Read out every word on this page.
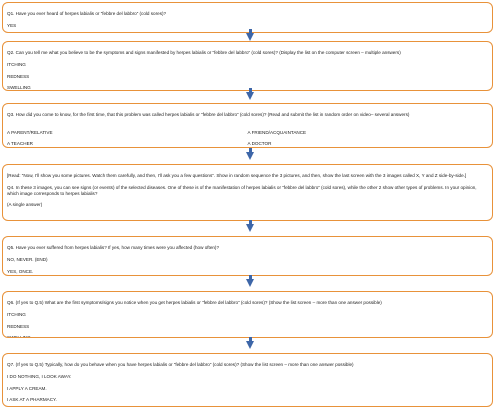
Q1. Have you ever heard of herpes labialis or “febbre del labbro” (cold sores)?

YES

Q2. Can you tell me what you believe to be the symptoms and signs manifested by herpes labialis or “febbre del labbro” (cold sores)? (Display the list on the computer screen – multiple answers)

ITCHING

REDNESS

SWELLING

Q3. How did you come to know, for the first time, that this problem was called herpes labialis or “febbre del labbro” (cold sores)? (Read and submit the list in random order on video– several answers)

A PARENT/RELATIVE

A TEACHER

A FRIEND/ACQUAINTANCE

A DOCTOR

[Read: “Now, I’ll show you some pictures. Watch them carefully, and then, I’ll ask you a few questions”. Show in random sequence the 3 pictures, and then, show the last screen with the 3 images called X, Y and Z side-by-side.]

Q4. In these 3 images, you can see signs (or events) of the selected diseases. One of these is of the manifestation of herpes labialis or “febbre del labbro” (cold sores), while the other 2 show other types of problems. In your opinion, which image corresponds to herpes labialis?

(A single answer)

Q5. Have you ever suffered from herpes labialis? If yes, how many times were you affected (how often)?

NO, NEVER. (END)

YES, ONCE.

Q6. (If yes to Q.5) What are the first symptoms/signs you notice when you get herpes labialis or “febbre del labbro” (cold sores)? (Show the list screen – more than one answer possible)

ITCHING

REDNESS

SWELLING

Q7. (If yes to Q.5) Typically, how do you behave when you have herpes labialis or “febbre del labbro” (cold sores)? (Show the list screen – more than one answer possible)

I DO NOTHING, I LOOK AWAY.

I APPLY A CREAM.

I ASK AT A PHARMACY.
